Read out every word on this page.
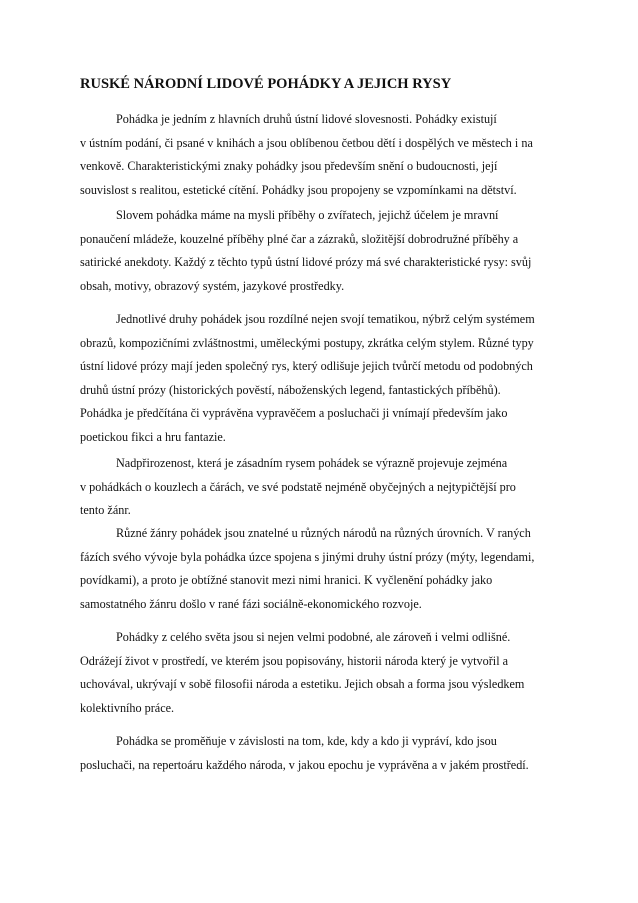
RUSKÉ NÁRODNÍ LIDOVÉ POHÁDKY A JEJICH RYSY

Pohádka je jedním z hlavních druhů ústní lidové slovesnosti. Pohádky existují
v ústním podání, či psané v knihách a jsou oblíbenou četbou dětí i dospělých ve městech i na
venkově. Charakteristickými znaky pohádky jsou především snění o budoucnosti, její
souvislost s realitou, estetické cítění. Pohádky jsou propojeny se vzpomínkami na dětství.

Slovem pohádka máme na mysli příběhy o zvířatech, jejichž účelem je mravní
ponaučení mládeže, kouzelné příběhy plné čar a zázraků, složitější dobrodružné příběhy a
satirické anekdoty. Každý z těchto typů ústní lidové prózy má své charakteristické rysy: svůj
obsah, motivy, obrazový systém, jazykové prostředky.

Jednotlivé druhy pohádek jsou rozdílné nejen svojí tematikou, nýbrž celým systémem
obrazů, kompozičními zvláštnostmi, uměleckými postupy, zkrátka celým stylem. Různé typy
ústní lidové prózy mají jeden společný rys, který odlišuje jejich tvůrčí metodu od podobných
druhů ústní prózy (historických pověstí, náboženských legend, fantastických příběhů).
Pohádka je předčítána či vyprávěna vypravěčem a posluchači ji vnímají především jako
poetickou fikci a hru fantazie.

Nadpřirozenost, která je zásadním rysem pohádek se výrazně projevuje zejména
v pohádkách o kouzlech a čárách, ve své podstatě nejméně obyčejných a nejtypičtější pro
tento žánr.

Různé žánry pohádek jsou znatelné u různých národů na různých úrovních. V raných
fázích svého vývoje byla pohádka úzce spojena s jinými druhy ústní prózy (mýty, legendami,
povídkami), a proto je obtížné stanovit mezi nimi hranici. K vyčlenění pohádky jako
samostatného žánru došlo v rané fázi sociálně-ekonomického rozvoje.

Pohádky z celého světa jsou si nejen velmi podobné, ale zároveň i velmi odlišné.
Odrážejí život v prostředí, ve kterém jsou popisovány, historii národa který je vytvořil a
uchovával, ukrývají v sobě filosofii národa a estetiku. Jejich obsah a forma jsou výsledkem
kolektivního práce.

Pohádka se proměňuje v závislosti na tom, kde, kdy a kdo ji vypráví, kdo jsou
posluchači, na repertoáru každého národa, v jakou epochu je vyprávěna a v jakém prostředí.
